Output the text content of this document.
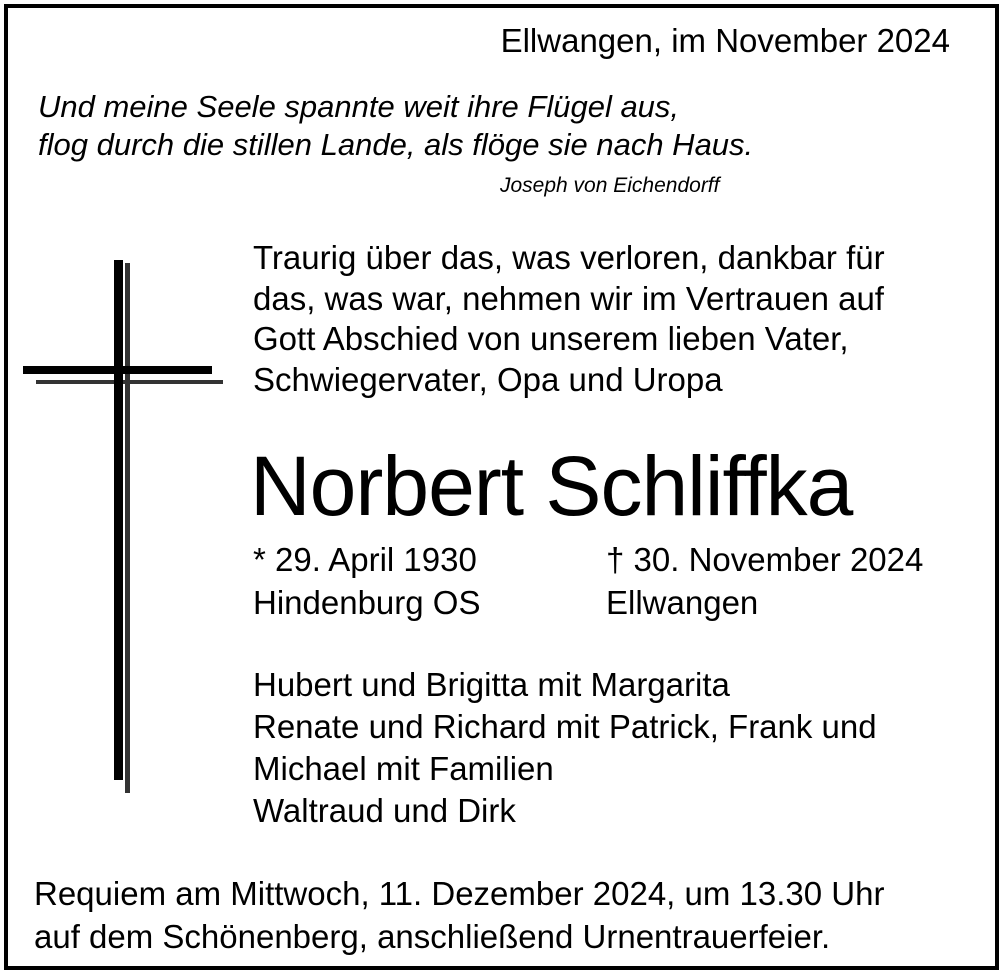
Ellwangen, im November 2024
Und meine Seele spannte weit ihre Flügel aus,
flog durch die stillen Lande, als flöge sie nach Haus.
Joseph von Eichendorff
Traurig über das, was verloren, dankbar für
das, was war, nehmen wir im Vertrauen auf
Gott Abschied von unserem lieben Vater,
Schwiegervater, Opa und Uropa
Norbert Schliffka
* 29. April 1930
Hindenburg OS
† 30. November 2024
Ellwangen
Hubert und Brigitta mit Margarita
Renate und Richard mit Patrick, Frank und
Michael mit Familien
Waltraud und Dirk
Requiem am Mittwoch, 11. Dezember 2024, um 13.30 Uhr
auf dem Schönenberg, anschließend Urnentrauerfeier.
